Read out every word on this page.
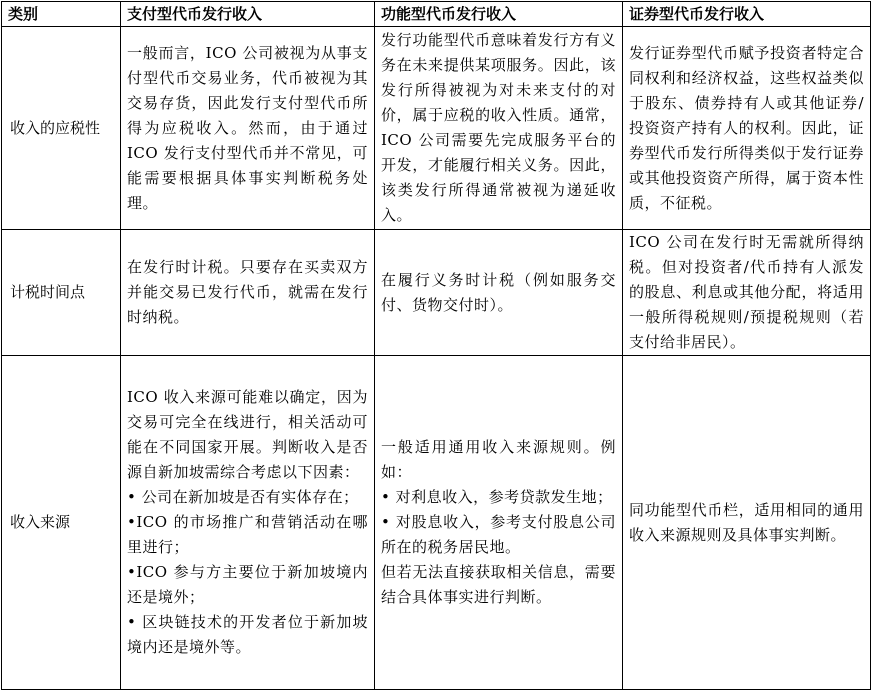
类别	支付型代币发行收入	功能型代币发行收入	证券型代币发行收入
收入的应税性	一般而言，ICO 公司被视为从事支付型代币交易业务，代币被视为其交易存货，因此发行支付型代币所得为应税收入。然而，由于通过 ICO 发行支付型代币并不常见，可能需要根据具体事实判断税务处理。	发行功能型代币意味着发行方有义务在未来提供某项服务。因此，该发行所得被视为对未来支付的对价，属于应税的收入性质。通常，ICO 公司需要先完成服务平台的开发，才能履行相关义务。因此，该类发行所得通常被视为递延收入。	发行证券型代币赋予投资者特定合同权利和经济权益，这些权益类似于股东、债券持有人或其他证券/投资资产持有人的权利。因此，证券型代币发行所得类似于发行证券或其他投资资产所得，属于资本性质，不征税。
计税时间点	在发行时计税。只要存在买卖双方并能交易已发行代币，就需在发行时纳税。	在履行义务时计税（例如服务交付、货物交付时）。	ICO 公司在发行时无需就所得纳税。但对投资者/代币持有人派发的股息、利息或其他分配，将适用一般所得税规则/预提税规则（若支付给非居民）。
收入来源	ICO 收入来源可能难以确定，因为交易可完全在线进行，相关活动可能在不同国家开展。判断收入是否源自新加坡需综合考虑以下因素：
• 公司在新加坡是否有实体存在；
•ICO 的市场推广和营销活动在哪里进行；
•ICO 参与方主要位于新加坡境内还是境外；
• 区块链技术的开发者位于新加坡境内还是境外等。	一般适用通用收入来源规则。例如：
• 对利息收入，参考贷款发生地；
• 对股息收入，参考支付股息公司所在的税务居民地。
但若无法直接获取相关信息，需要结合具体事实进行判断。	同功能型代币栏，适用相同的通用收入来源规则及具体事实判断。
